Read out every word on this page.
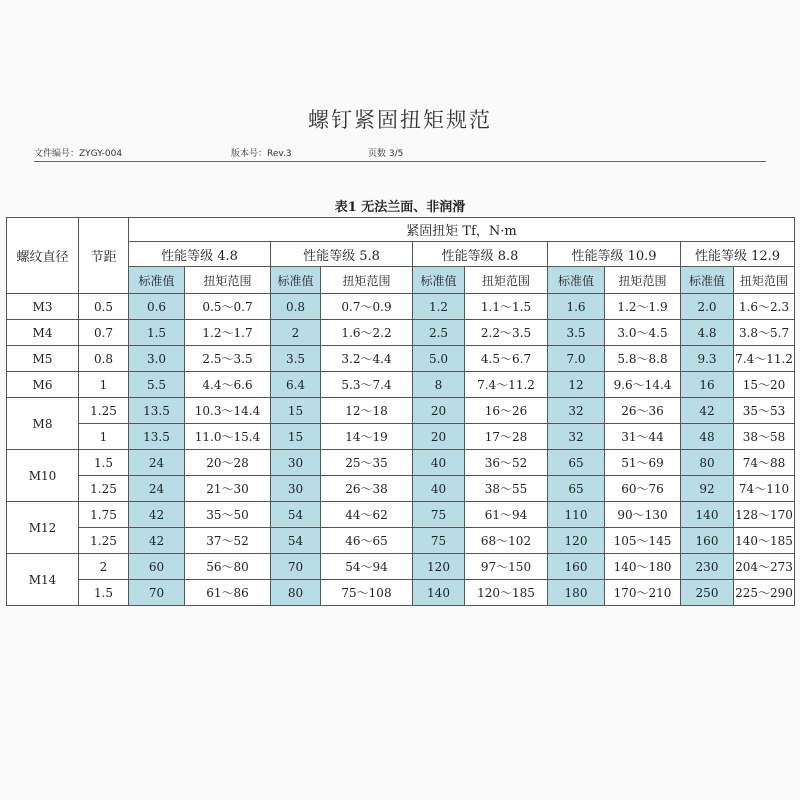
螺钉紧固扭矩规范
文件编号：ZYGY-004	版本号：Rev.3	页数 3/5
表1 无法兰面、非润滑
螺纹直径	节距	紧固扭矩 Tf，N·m									
		性能等级 4.8		性能等级 5.8		性能等级 8.8		性能等级 10.9		性能等级 12.9	
		标准值	扭矩范围	标准值	扭矩范围	标准值	扭矩范围	标准值	扭矩范围	标准值	扭矩范围
M3	0.5	0.6	0.5～0.7	0.8	0.7～0.9	1.2	1.1～1.5	1.6	1.2～1.9	2.0	1.6～2.3
M4	0.7	1.5	1.2～1.7	2	1.6～2.2	2.5	2.2～3.5	3.5	3.0～4.5	4.8	3.8～5.7
M5	0.8	3.0	2.5～3.5	3.5	3.2～4.4	5.0	4.5～6.7	7.0	5.8～8.8	9.3	7.4～11.2
M6	1	5.5	4.4～6.6	6.4	5.3～7.4	8	7.4～11.2	12	9.6～14.4	16	15～20
M8	1.25	13.5	10.3～14.4	15	12～18	20	16～26	32	26～36	42	35～53
	1	13.5	11.0～15.4	15	14～19	20	17～28	32	31～44	48	38～58
M10	1.5	24	20～28	30	25～35	40	36～52	65	51～69	80	74～88
	1.25	24	21～30	30	26～38	40	38～55	65	60～76	92	74～110
M12	1.75	42	35～50	54	44～62	75	61～94	110	90～130	140	128～170
	1.25	42	37～52	54	46～65	75	68～102	120	105～145	160	140～185
M14	2	60	56～80	70	54～94	120	97～150	160	140～180	230	204～273
	1.5	70	61～86	80	75～108	140	120～185	180	170～210	250	225～290
